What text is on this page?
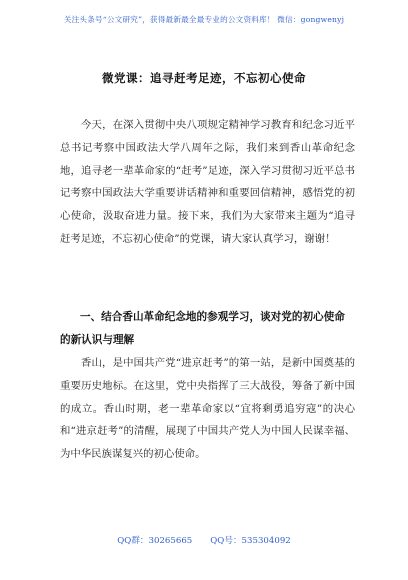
关注头条号“公文研究”，获得最新最全最专业的公文资料库！ 微信：gongwenyj
微党课：追寻赶考足迹，不忘初心使命
今天，在深入贯彻中央八项规定精神学习教育和纪念习近平总书记考察中国政法大学八周年之际，我们来到香山革命纪念地，追寻老一辈革命家的“赶考”足迹，深入学习贯彻习近平总书记考察中国政法大学重要讲话精神和重要回信精神，感悟党的初心使命，汲取奋进力量。接下来，我们为大家带来主题为“追寻赶考足迹，不忘初心使命”的党课，请大家认真学习，谢谢！
一、结合香山革命纪念地的参观学习，谈对党的初心使命的新认识与理解
香山，是中国共产党“进京赶考”的第一站，是新中国奠基的重要历史地标。在这里，党中央指挥了三大战役，筹备了新中国的成立。香山时期，老一辈革命家以“宜将剩勇追穷寇”的决心和“进京赶考”的清醒，展现了中国共产党人为中国人民谋幸福、为中华民族谋复兴的初心使命。
QQ群：30265665 QQ号：535304092
